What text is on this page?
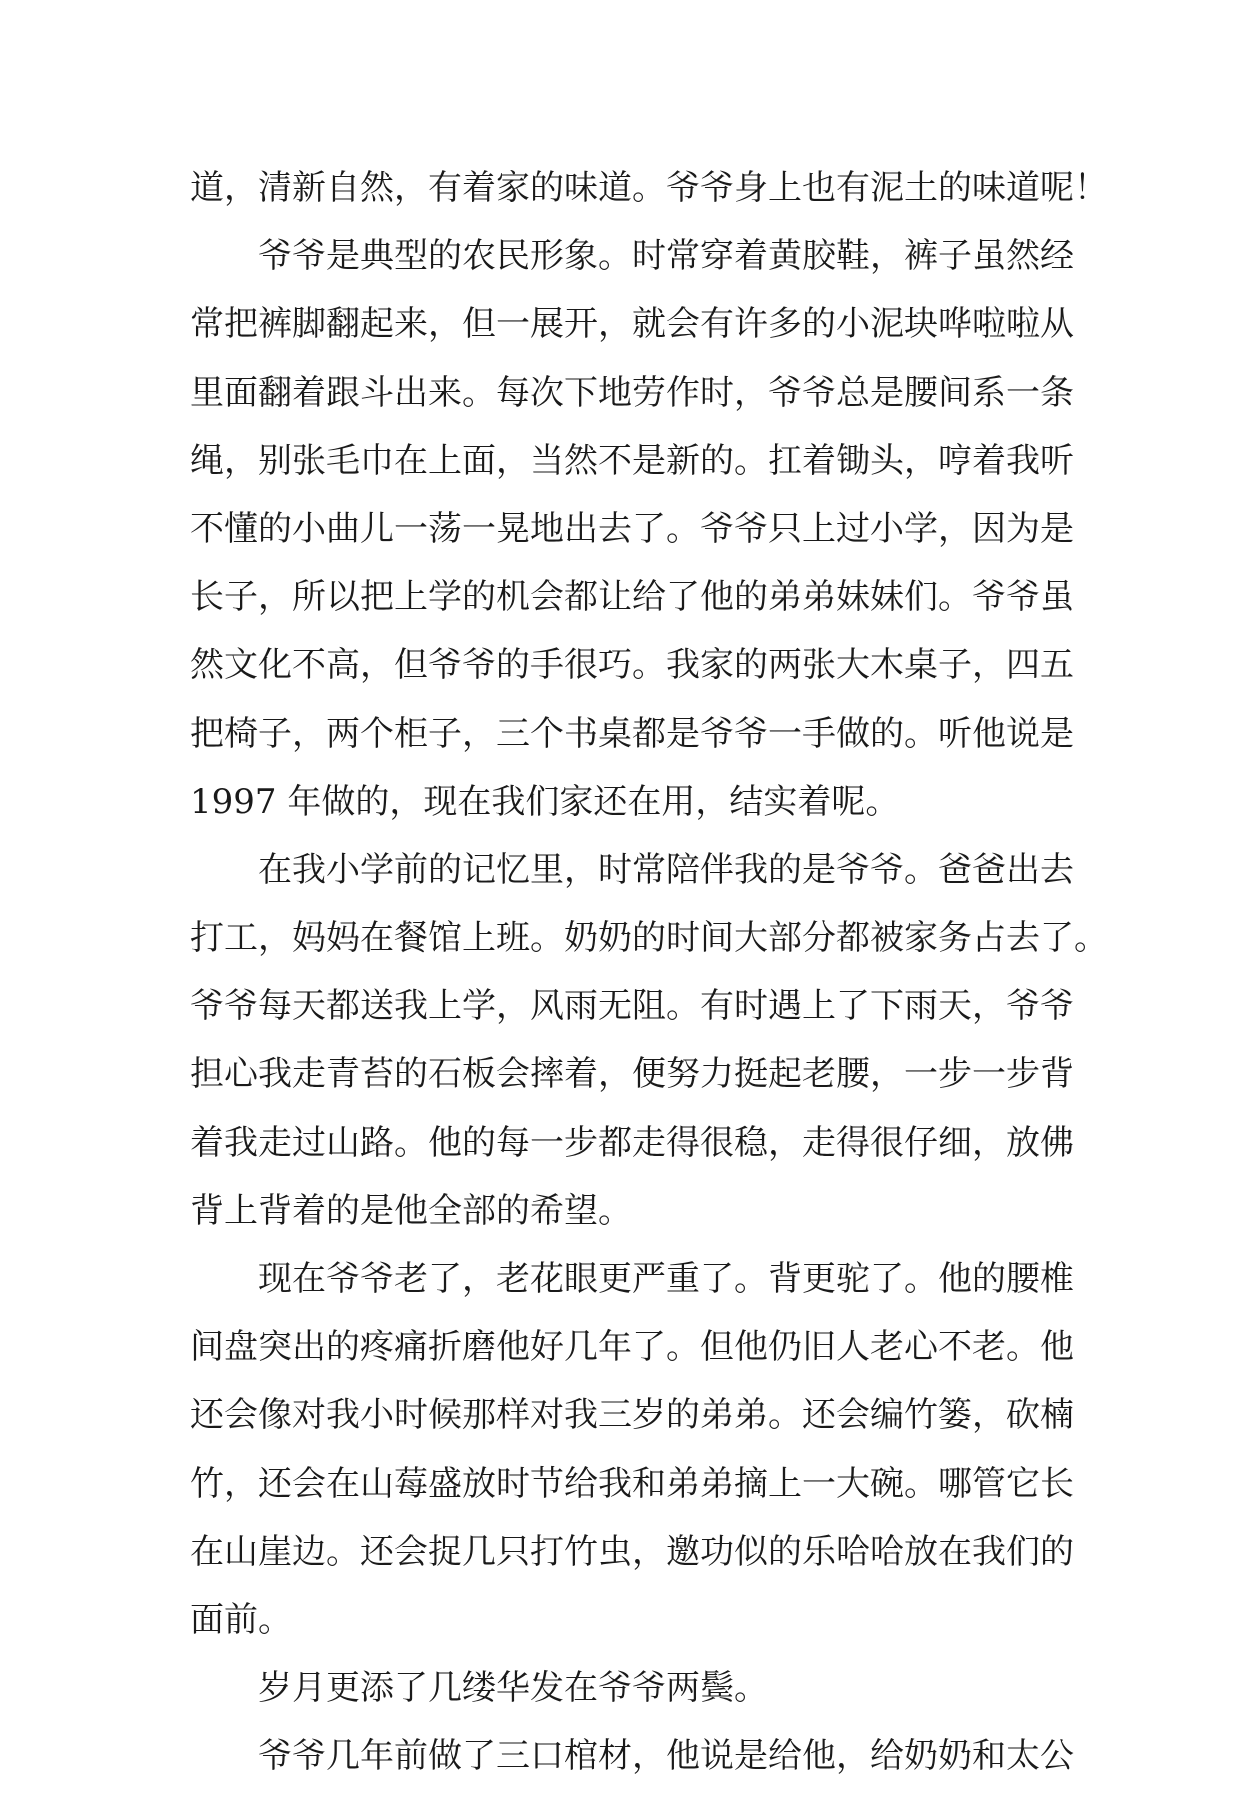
道，清新自然，有着家的味道。爷爷身上也有泥土的味道呢！
爷爷是典型的农民形象。时常穿着黄胶鞋，裤子虽然经
常把裤脚翻起来，但一展开，就会有许多的小泥块哗啦啦从
里面翻着跟斗出来。每次下地劳作时，爷爷总是腰间系一条
绳，别张毛巾在上面，当然不是新的。扛着锄头，哼着我听
不懂的小曲儿一荡一晃地出去了。爷爷只上过小学，因为是
长子，所以把上学的机会都让给了他的弟弟妹妹们。爷爷虽
然文化不高，但爷爷的手很巧。我家的两张大木桌子，四五
把椅子，两个柜子，三个书桌都是爷爷一手做的。听他说是
1997 年做的，现在我们家还在用，结实着呢。
在我小学前的记忆里，时常陪伴我的是爷爷。爸爸出去
打工，妈妈在餐馆上班。奶奶的时间大部分都被家务占去了。
爷爷每天都送我上学，风雨无阻。有时遇上了下雨天，爷爷
担心我走青苔的石板会摔着，便努力挺起老腰，一步一步背
着我走过山路。他的每一步都走得很稳，走得很仔细，放佛
背上背着的是他全部的希望。
现在爷爷老了，老花眼更严重了。背更驼了。他的腰椎
间盘突出的疼痛折磨他好几年了。但他仍旧人老心不老。他
还会像对我小时候那样对我三岁的弟弟。还会编竹篓，砍楠
竹，还会在山莓盛放时节给我和弟弟摘上一大碗。哪管它长
在山崖边。还会捉几只打竹虫，邀功似的乐哈哈放在我们的
面前。
岁月更添了几缕华发在爷爷两鬓。
爷爷几年前做了三口棺材，他说是给他，给奶奶和太公
